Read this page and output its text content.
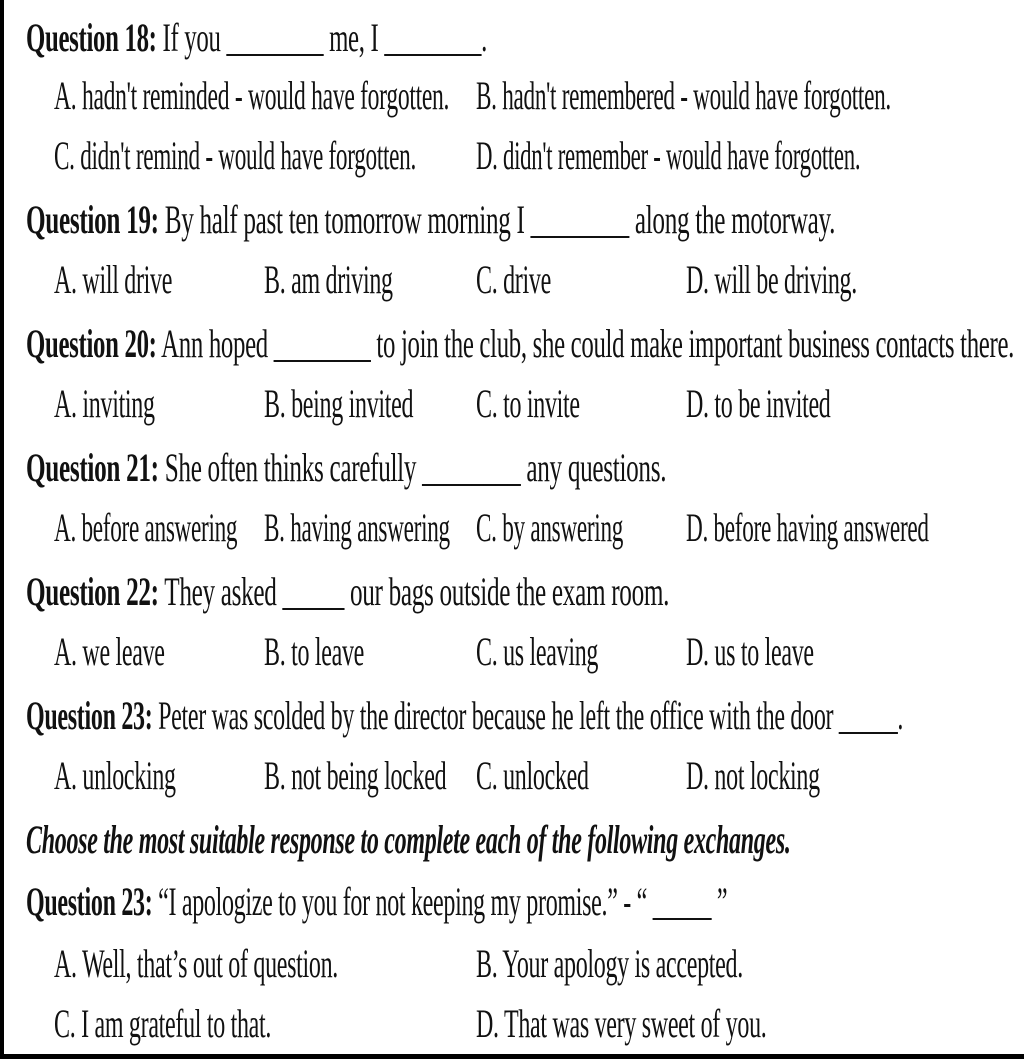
Question 18: If you ________ me, I ________.
A. hadn't reminded - would have forgotten. B. hadn't remembered - would have forgotten.
C. didn't remind - would have forgotten. D. didn't remember - would have forgotten.
Question 19: By half past ten tomorrow morning I ________ along the motorway.
A. will drive B. am driving C. drive	D. will be driving.
Question 20: Ann hoped ________ to join the club, she could make important business contacts there.
A. inviting	B. being invited C. to invite	D. to be invited
Question 21: She often thinks carefully ________ any questions.
A. before answering B. having answering C. by answering D. before having answered
Question 22: They asked _____ our bags outside the exam room.
A. we leave B. to leave	C. us leaving D. us to leave
Question 23: Peter was scolded by the director because he left the office with the door _____.
A. unlocking B. not being locked C. unlocked D. not locking
Choose the most suitable response to complete each of the following exchanges.
Question 23: “I apologize to you for not keeping my promise.” - “ _____ ”
A. Well, that’s out of question.	B. Your apology is accepted.
C. I am grateful to that.	D. That was very sweet of you.
